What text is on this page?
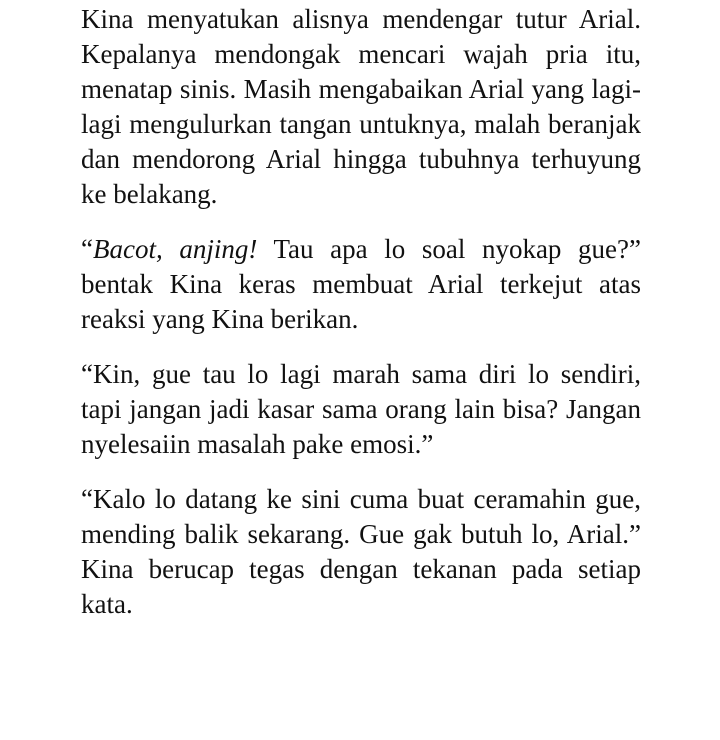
Kina menyatukan alisnya mendengar tutur Arial. Kepalanya mendongak mencari wajah pria itu, menatap sinis. Masih mengabaikan Arial yang lagi-lagi mengulurkan tangan untuknya, malah beranjak dan mendorong Arial hingga tubuhnya terhuyung ke belakang.

“Bacot, anjing! Tau apa lo soal nyokap gue?” bentak Kina keras membuat Arial terkejut atas reaksi yang Kina berikan.

“Kin, gue tau lo lagi marah sama diri lo sendiri, tapi jangan jadi kasar sama orang lain bisa? Jangan nyelesaiin masalah pake emosi.”

“Kalo lo datang ke sini cuma buat ceramahin gue, mending balik sekarang. Gue gak butuh lo, Arial.” Kina berucap tegas dengan tekanan pada setiap kata.
